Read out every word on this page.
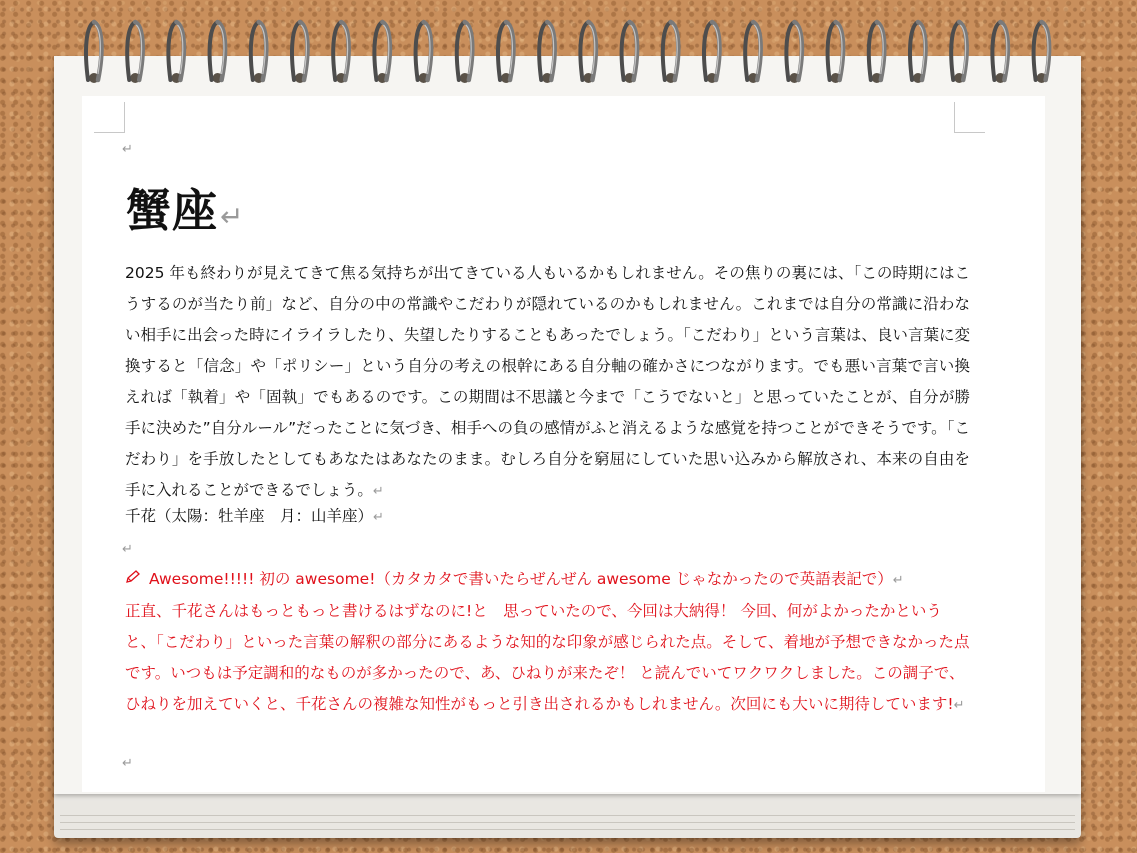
↵
蟹座↵
2025 年も終わりが見えてきて焦る気持ちが出てきている人もいるかもしれません。その焦りの裏には、「この時期にはこうするのが当たり前」など、自分の中の常識やこだわりが隠れているのかもしれません。これまでは自分の常識に沿わない相手に出会った時にイライラしたり、失望したりすることもあったでしょう。「こだわり」という言葉は、良い言葉に変換すると「信念」や「ポリシー」という自分の考えの根幹にある自分軸の確かさにつながります。でも悪い言葉で言い換えれば「執着」や「固執」でもあるのです。この期間は不思議と今まで「こうでないと」と思っていたことが、自分が勝手に決めた”自分ルール”だったことに気づき、相手への負の感情がふと消えるような感覚を持つことができそうです。「こだわり」を手放したとしてもあなたはあなたのまま。むしろ自分を窮屈にしていた思い込みから解放され、本来の自由を手に入れることができるでしょう。↵
千花（太陽：牡羊座　月：山羊座）↵
↵
Awesome!!!!! 初の awesome!（カタカタで書いたらぜんぜん awesome じゃなかったので英語表記で）↵
正直、千花さんはもっともっと書けるはずなのに!と　思っていたので、今回は大納得！ 今回、何がよかったかというと、「こだわり」といった言葉の解釈の部分にあるような知的な印象が感じられた点。そして、着地が予想できなかった点です。いつもは予定調和的なものが多かったので、あ、ひねりが来たぞ！ と読んでいてワクワクしました。この調子で、ひねりを加えていくと、千花さんの複雑な知性がもっと引き出されるかもしれません。次回にも大いに期待しています!↵
↵
